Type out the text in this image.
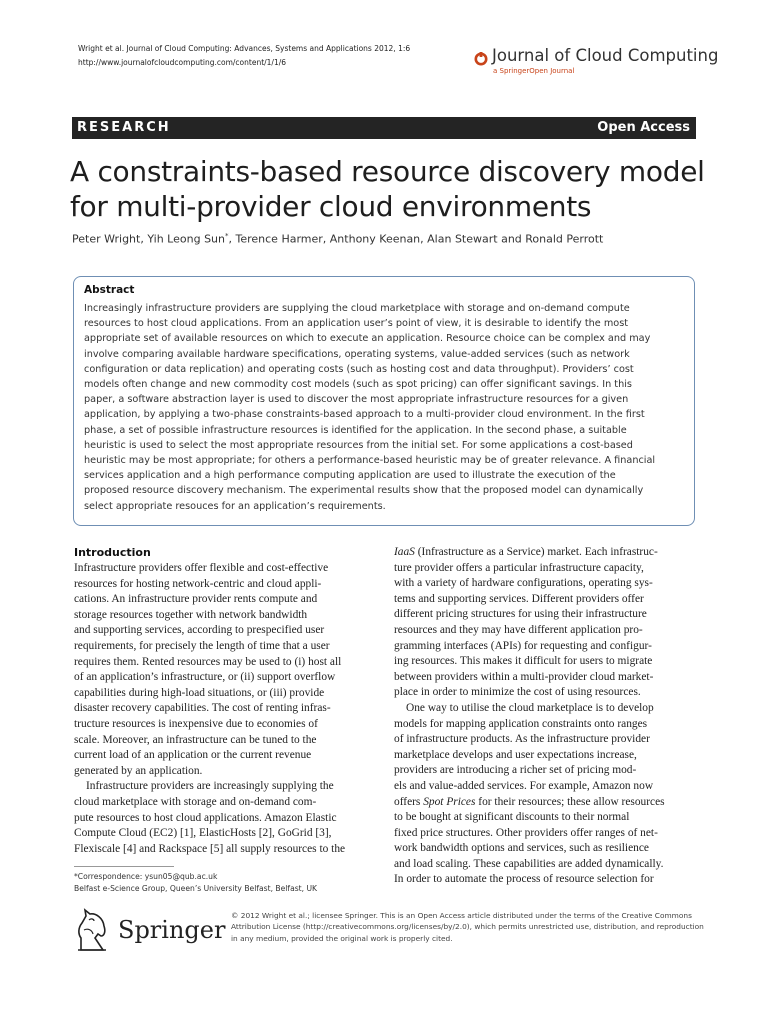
Wright et al. Journal of Cloud Computing: Advances, Systems and Applications 2012, 1:6
http://www.journalofcloudcomputing.com/content/1/1/6	Journal of Cloud Computing
a SpringerOpen Journal
RESEARCH	Open Access
A constraints-based resource discovery model
for multi-provider cloud environments
Peter Wright, Yih Leong Sun*, Terence Harmer, Anthony Keenan, Alan Stewart and Ronald Perrott
Abstract
Increasingly infrastructure providers are supplying the cloud marketplace with storage and on-demand compute
resources to host cloud applications. From an application user’s point of view, it is desirable to identify the most
appropriate set of available resources on which to execute an application. Resource choice can be complex and may
involve comparing available hardware specifications, operating systems, value-added services (such as network
configuration or data replication) and operating costs (such as hosting cost and data throughput). Providers’ cost
models often change and new commodity cost models (such as spot pricing) can offer significant savings. In this
paper, a software abstraction layer is used to discover the most appropriate infrastructure resources for a given
application, by applying a two-phase constraints-based approach to a multi-provider cloud environment. In the first
phase, a set of possible infrastructure resources is identified for the application. In the second phase, a suitable
heuristic is used to select the most appropriate resources from the initial set. For some applications a cost-based
heuristic may be most appropriate; for others a performance-based heuristic may be of greater relevance. A financial
services application and a high performance computing application are used to illustrate the execution of the
proposed resource discovery mechanism. The experimental results show that the proposed model can dynamically
select appropriate resouces for an application’s requirements.
Introduction
Infrastructure providers offer flexible and cost-effective
resources for hosting network-centric and cloud appli-
cations. An infrastructure provider rents compute and
storage resources together with network bandwidth
and supporting services, according to prespecified user
requirements, for precisely the length of time that a user
requires them. Rented resources may be used to (i) host all
of an application’s infrastructure, or (ii) support overflow
capabilities during high-load situations, or (iii) provide
disaster recovery capabilities. The cost of renting infras-
tructure resources is inexpensive due to economies of
scale. Moreover, an infrastructure can be tuned to the
current load of an application or the current revenue
generated by an application.
Infrastructure providers are increasingly supplying the
cloud marketplace with storage and on-demand com-
pute resources to host cloud applications. Amazon Elastic
Compute Cloud (EC2) [1], ElasticHosts [2], GoGrid [3],
Flexiscale [4] and Rackspace [5] all supply resources to the
IaaS (Infrastructure as a Service) market. Each infrastruc-
ture provider offers a particular infrastructure capacity,
with a variety of hardware configurations, operating sys-
tems and supporting services. Different providers offer
different pricing structures for using their infrastructure
resources and they may have different application pro-
gramming interfaces (APIs) for requesting and configur-
ing resources. This makes it difficult for users to migrate
between providers within a multi-provider cloud market-
place in order to minimize the cost of using resources.
One way to utilise the cloud marketplace is to develop
models for mapping application constraints onto ranges
of infrastructure products. As the infrastructure provider
marketplace develops and user expectations increase,
providers are introducing a richer set of pricing mod-
els and value-added services. For example, Amazon now
offers Spot Prices for their resources; these allow resources
to be bought at significant discounts to their normal
fixed price structures. Other providers offer ranges of net-
work bandwidth options and services, such as resilience
and load scaling. These capabilities are added dynamically.
In order to automate the process of resource selection for
*Correspondence: ysun05@qub.ac.uk
Belfast e-Science Group, Queen’s University Belfast, Belfast, UK
Springer
© 2012 Wright et al.; licensee Springer. This is an Open Access article distributed under the terms of the Creative Commons
Attribution License (http://creativecommons.org/licenses/by/2.0), which permits unrestricted use, distribution, and reproduction
in any medium, provided the original work is properly cited.
